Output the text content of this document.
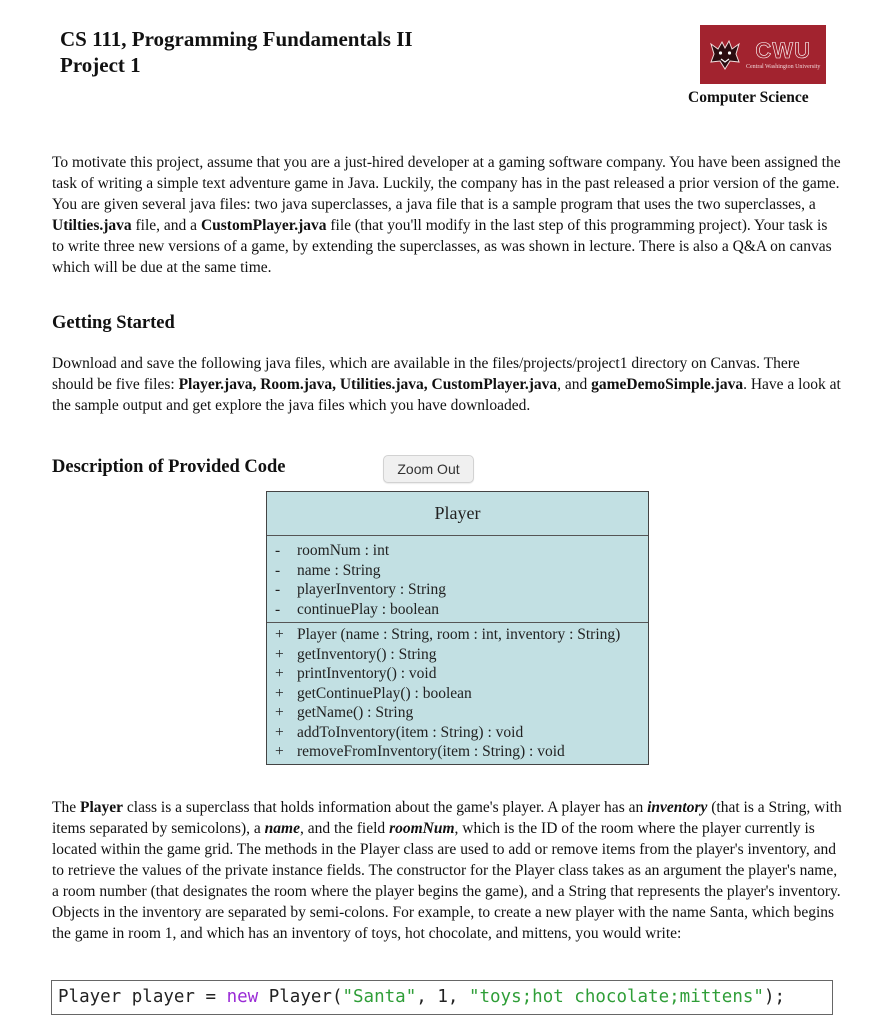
CS 111, Programming Fundamentals II
Project 1
CWU
Central Washington University
Computer Science

To motivate this project, assume that you are a just-hired developer at a gaming software company. You have been assigned the task of writing a simple text adventure game in Java. Luckily, the company has in the past released a prior version of the game. You are given several java files: two java superclasses, a java file that is a sample program that uses the two superclasses, a Utilties.java file, and a CustomPlayer.java file (that you'll modify in the last step of this programming project). Your task is to write three new versions of a game, by extending the superclasses, as was shown in lecture. There is also a Q&A on canvas which will be due at the same time.

Getting Started

Download and save the following java files, which are available in the files/projects/project1 directory on Canvas. There should be five files: Player.java, Room.java, Utilities.java, CustomPlayer.java, and gameDemoSimple.java. Have a look at the sample output and get explore the java files which you have downloaded.

Description of Provided Code	Zoom Out
Player
-	roomNum : int
-	name : String
-	playerInventory : String
-	continuePlay : boolean
+ Player (name : String, room : int, inventory : String)
+ getInventory() : String
+ printInventory() : void
+ getContinuePlay() : boolean
+ getName() : String
+ addToInventory(item : String) : void
+ removeFromInventory(item : String) : void

The Player class is a superclass that holds information about the game's player. A player has an inventory (that is a String, with items separated by semicolons), a name, and the field roomNum, which is the ID of the room where the player currently is located within the game grid. The methods in the Player class are used to add or remove items from the player's inventory, and to retrieve the values of the private instance fields. The constructor for the Player class takes as an argument the player's name, a room number (that designates the room where the player begins the game), and a String that represents the player's inventory. Objects in the inventory are separated by semi-colons. For example, to create a new player with the name Santa, which begins the game in room 1, and which has an inventory of toys, hot chocolate, and mittens, you would write:

Player player = new Player("Santa", 1, "toys;hot chocolate;mittens");
